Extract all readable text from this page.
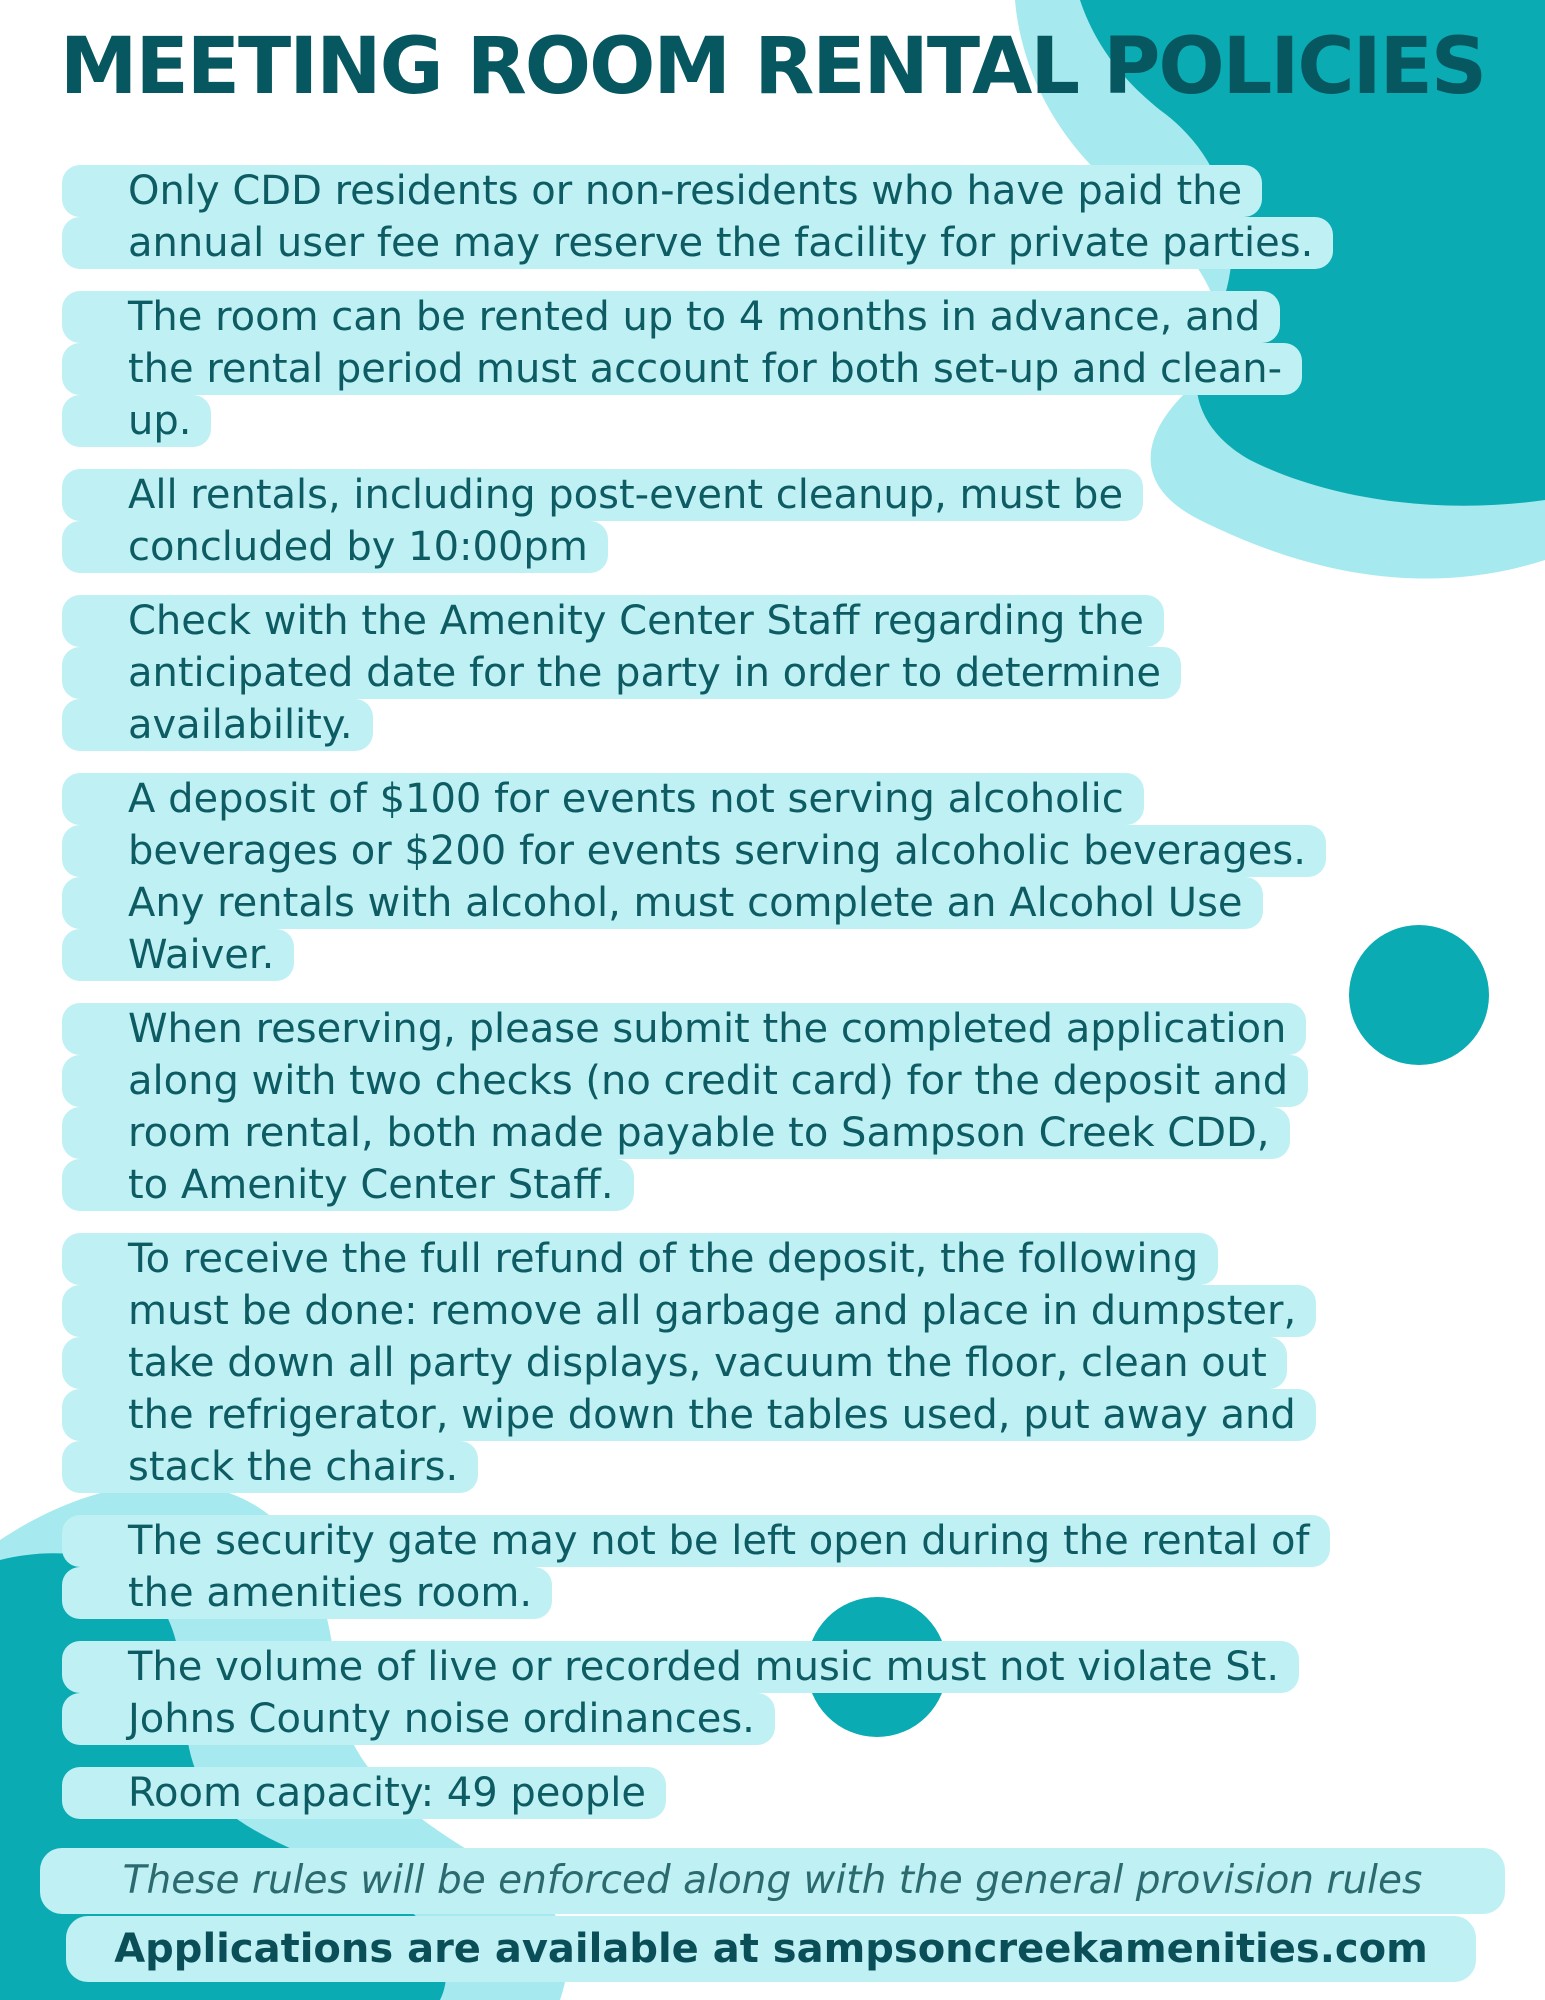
MEETING ROOM RENTAL POLICIES
Only CDD residents or non-residents who have paid the
annual user fee may reserve the facility for private parties.
The room can be rented up to 4 months in advance, and
the rental period must account for both set-up and clean-
up.
All rentals, including post-event cleanup, must be
concluded by 10:00pm
Check with the Amenity Center Staff regarding the
anticipated date for the party in order to determine
availability.
A deposit of $100 for events not serving alcoholic
beverages or $200 for events serving alcoholic beverages.
Any rentals with alcohol, must complete an Alcohol Use
Waiver.
When reserving, please submit the completed application
along with two checks (no credit card) for the deposit and
room rental, both made payable to Sampson Creek CDD,
to Amenity Center Staff.
To receive the full refund of the deposit, the following
must be done: remove all garbage and place in dumpster,
take down all party displays, vacuum the floor, clean out
the refrigerator, wipe down the tables used, put away and
stack the chairs.
The security gate may not be left open during the rental of
the amenities room.
The volume of live or recorded music must not violate St.
Johns County noise ordinances.
Room capacity: 49 people
These rules will be enforced along with the general provision rules
Applications are available at sampsoncreekamenities.com
